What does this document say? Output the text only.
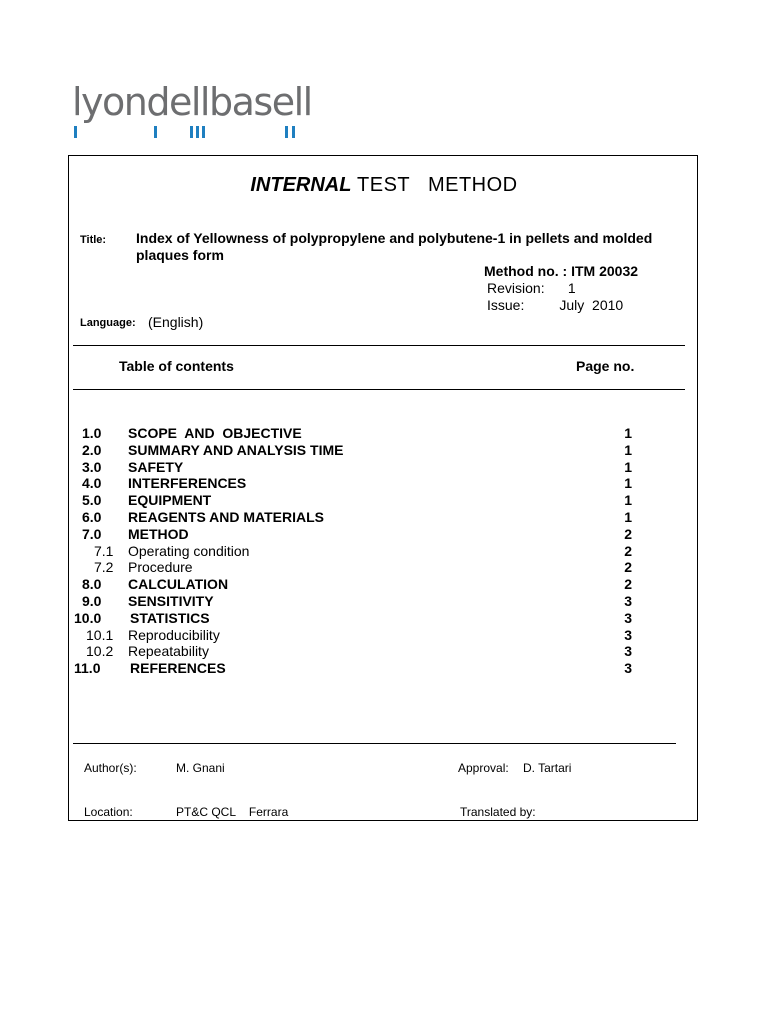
lyondellbasell
INTERNAL TEST   METHOD
Title: Index of Yellowness of polypropylene and polybutene-1 in pellets and molded plaques form
Method no. : ITM 20032
Revision:      1
Issue:         July  2010
Language: (English)
Table of contents	Page no.
1.0 SCOPE  AND  OBJECTIVE	1
2.0 SUMMARY AND ANALYSIS TIME	1
3.0 SAFETY	1
4.0 INTERFERENCES	1
5.0 EQUIPMENT	1
6.0 REAGENTS AND MATERIALS	1
7.0 METHOD	2
7.1 Operating condition	2
7.2 Procedure	2
8.0 CALCULATION	2
9.0 SENSITIVITY	3
10.0 STATISTICS	3
10.1 Reproducibility	3
10.2 Repeatability	3
11.0 REFERENCES	3
Author(s):	M. Gnani	Approval: D. Tartari
Location:	PT&C QCL    Ferrara	Translated by:
